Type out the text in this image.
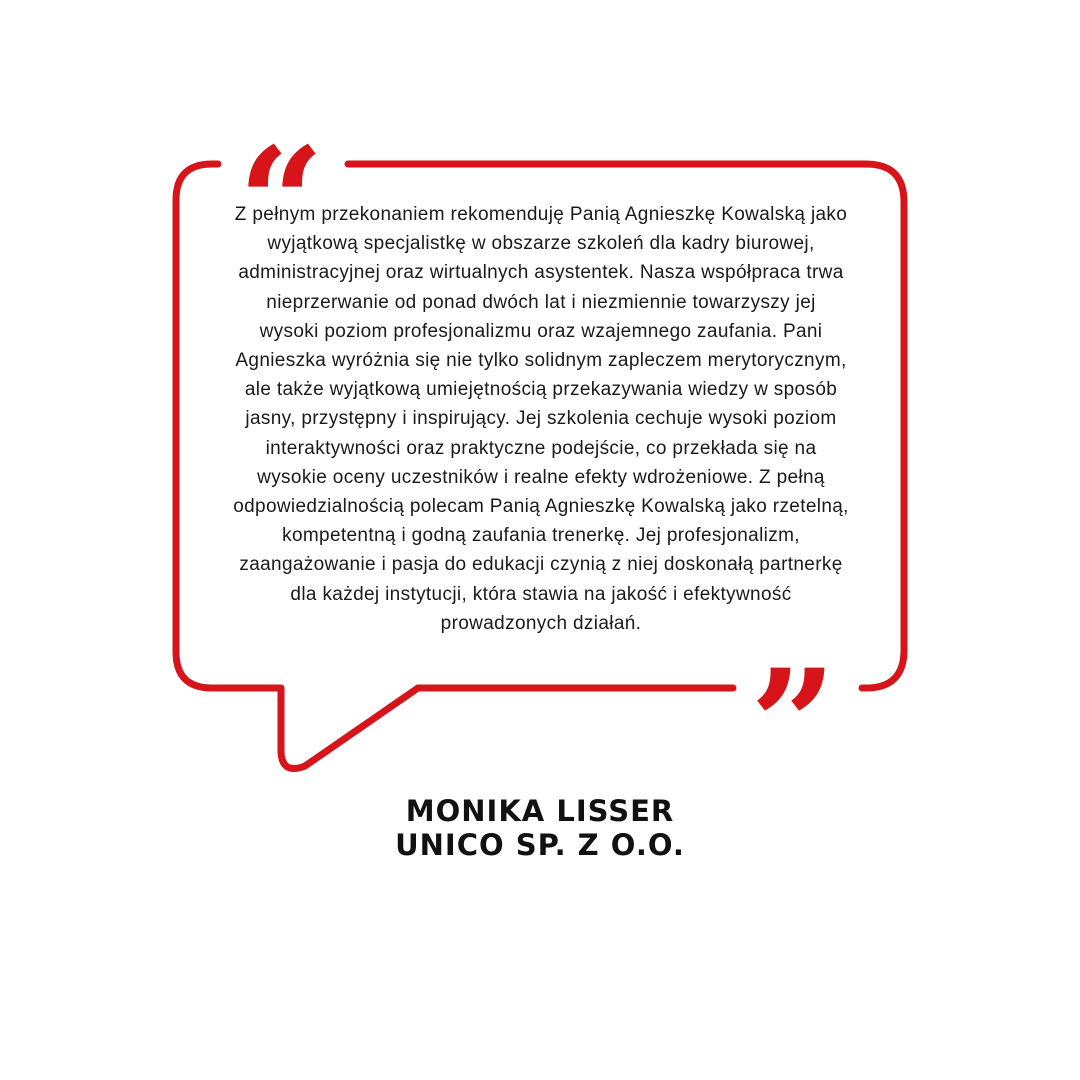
“
”

Z pełnym przekonaniem rekomenduję Panią Agnieszkę Kowalską jako
wyjątkową specjalistkę w obszarze szkoleń dla kadry biurowej,
administracyjnej oraz wirtualnych asystentek. Nasza współpraca trwa
nieprzerwanie od ponad dwóch lat i niezmiennie towarzyszy jej
wysoki poziom profesjonalizmu oraz wzajemnego zaufania. Pani
Agnieszka wyróżnia się nie tylko solidnym zapleczem merytorycznym,
ale także wyjątkową umiejętnością przekazywania wiedzy w sposób
jasny, przystępny i inspirujący. Jej szkolenia cechuje wysoki poziom
interaktywności oraz praktyczne podejście, co przekłada się na
wysokie oceny uczestników i realne efekty wdrożeniowe. Z pełną
odpowiedzialnością polecam Panią Agnieszkę Kowalską jako rzetelną,
kompetentną i godną zaufania trenerkę. Jej profesjonalizm,
zaangażowanie i pasja do edukacji czynią z niej doskonałą partnerkę
dla każdej instytucji, która stawia na jakość i efektywność
prowadzonych działań.

MONIKA LISSER
UNICO SP. Z O.O.
